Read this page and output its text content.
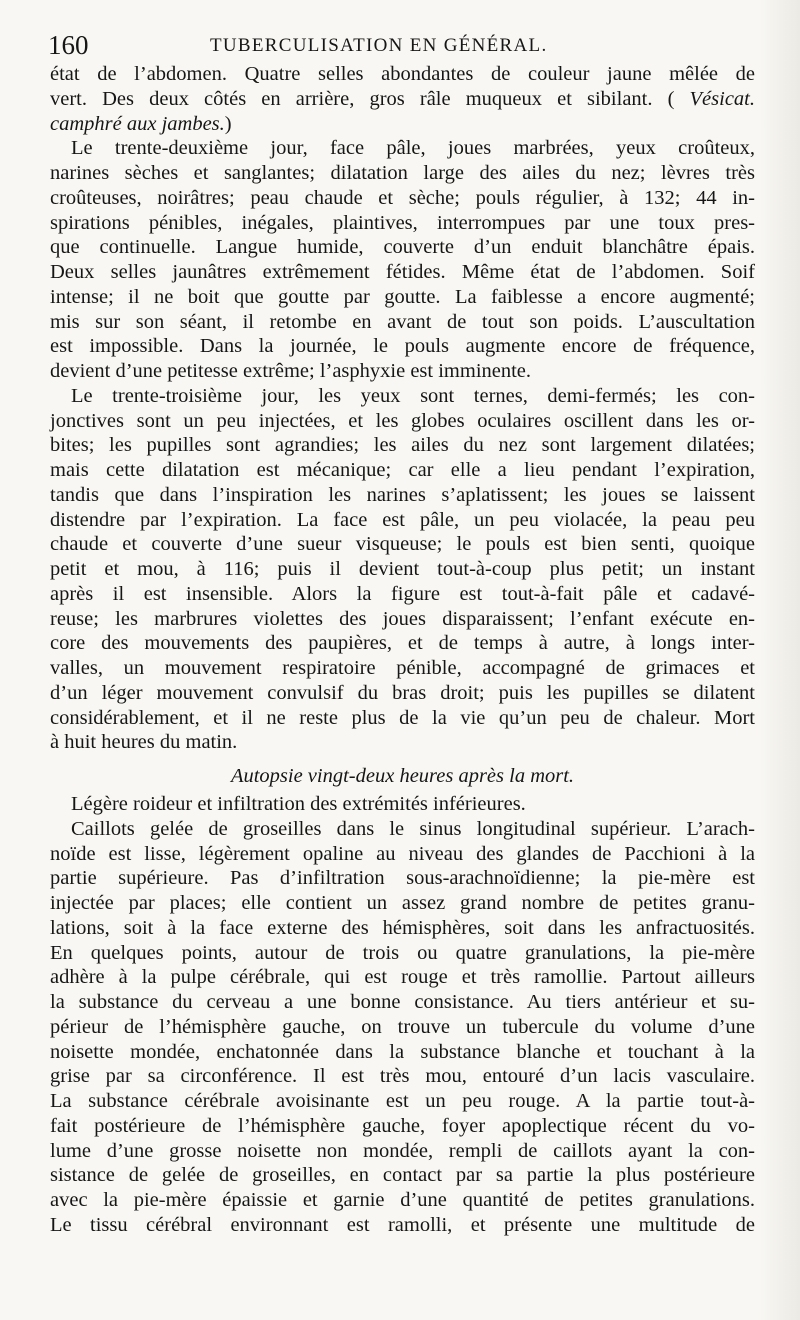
160	TUBERCULISATION EN GÉNÉRAL.
état de l’abdomen. Quatre selles abondantes de couleur jaune mêlée de
vert. Des deux côtés en arrière, gros râle muqueux et sibilant. ( Vésicat.
camphré aux jambes.)
Le trente-deuxième jour, face pâle, joues marbrées, yeux croûteux,
narines sèches et sanglantes; dilatation large des ailes du nez; lèvres très
croûteuses, noirâtres; peau chaude et sèche; pouls régulier, à 132; 44 in-
spirations pénibles, inégales, plaintives, interrompues par une toux pres-
que continuelle. Langue humide, couverte d’un enduit blanchâtre épais.
Deux selles jaunâtres extrêmement fétides. Même état de l’abdomen. Soif
intense; il ne boit que goutte par goutte. La faiblesse a encore augmenté;
mis sur son séant, il retombe en avant de tout son poids. L’auscultation
est impossible. Dans la journée, le pouls augmente encore de fréquence,
devient d’une petitesse extrême; l’asphyxie est imminente.
Le trente-troisième jour, les yeux sont ternes, demi-fermés; les con-
jonctives sont un peu injectées, et les globes oculaires oscillent dans les or-
bites; les pupilles sont agrandies; les ailes du nez sont largement dilatées;
mais cette dilatation est mécanique; car elle a lieu pendant l’expiration,
tandis que dans l’inspiration les narines s’aplatissent; les joues se laissent
distendre par l’expiration. La face est pâle, un peu violacée, la peau peu
chaude et couverte d’une sueur visqueuse; le pouls est bien senti, quoique
petit et mou, à 116; puis il devient tout-à-coup plus petit; un instant
après il est insensible. Alors la figure est tout-à-fait pâle et cadavé-
reuse; les marbrures violettes des joues disparaissent; l’enfant exécute en-
core des mouvements des paupières, et de temps à autre, à longs inter-
valles, un mouvement respiratoire pénible, accompagné de grimaces et
d’un léger mouvement convulsif du bras droit; puis les pupilles se dilatent
considérablement, et il ne reste plus de la vie qu’un peu de chaleur. Mort
à huit heures du matin.
Autopsie vingt-deux heures après la mort.
Légère roideur et infiltration des extrémités inférieures.
Caillots gelée de groseilles dans le sinus longitudinal supérieur. L’arach-
noïde est lisse, légèrement opaline au niveau des glandes de Pacchioni à la
partie supérieure. Pas d’infiltration sous-arachnoïdienne; la pie-mère est
injectée par places; elle contient un assez grand nombre de petites granu-
lations, soit à la face externe des hémisphères, soit dans les anfractuosités.
En quelques points, autour de trois ou quatre granulations, la pie-mère
adhère à la pulpe cérébrale, qui est rouge et très ramollie. Partout ailleurs
la substance du cerveau a une bonne consistance. Au tiers antérieur et su-
périeur de l’hémisphère gauche, on trouve un tubercule du volume d’une
noisette mondée, enchatonnée dans la substance blanche et touchant à la
grise par sa circonférence. Il est très mou, entouré d’un lacis vasculaire.
La substance cérébrale avoisinante est un peu rouge. A la partie tout-à-
fait postérieure de l’hémisphère gauche, foyer apoplectique récent du vo-
lume d’une grosse noisette non mondée, rempli de caillots ayant la con-
sistance de gelée de groseilles, en contact par sa partie la plus postérieure
avec la pie-mère épaissie et garnie d’une quantité de petites granulations.
Le tissu cérébral environnant est ramolli, et présente une multitude de
